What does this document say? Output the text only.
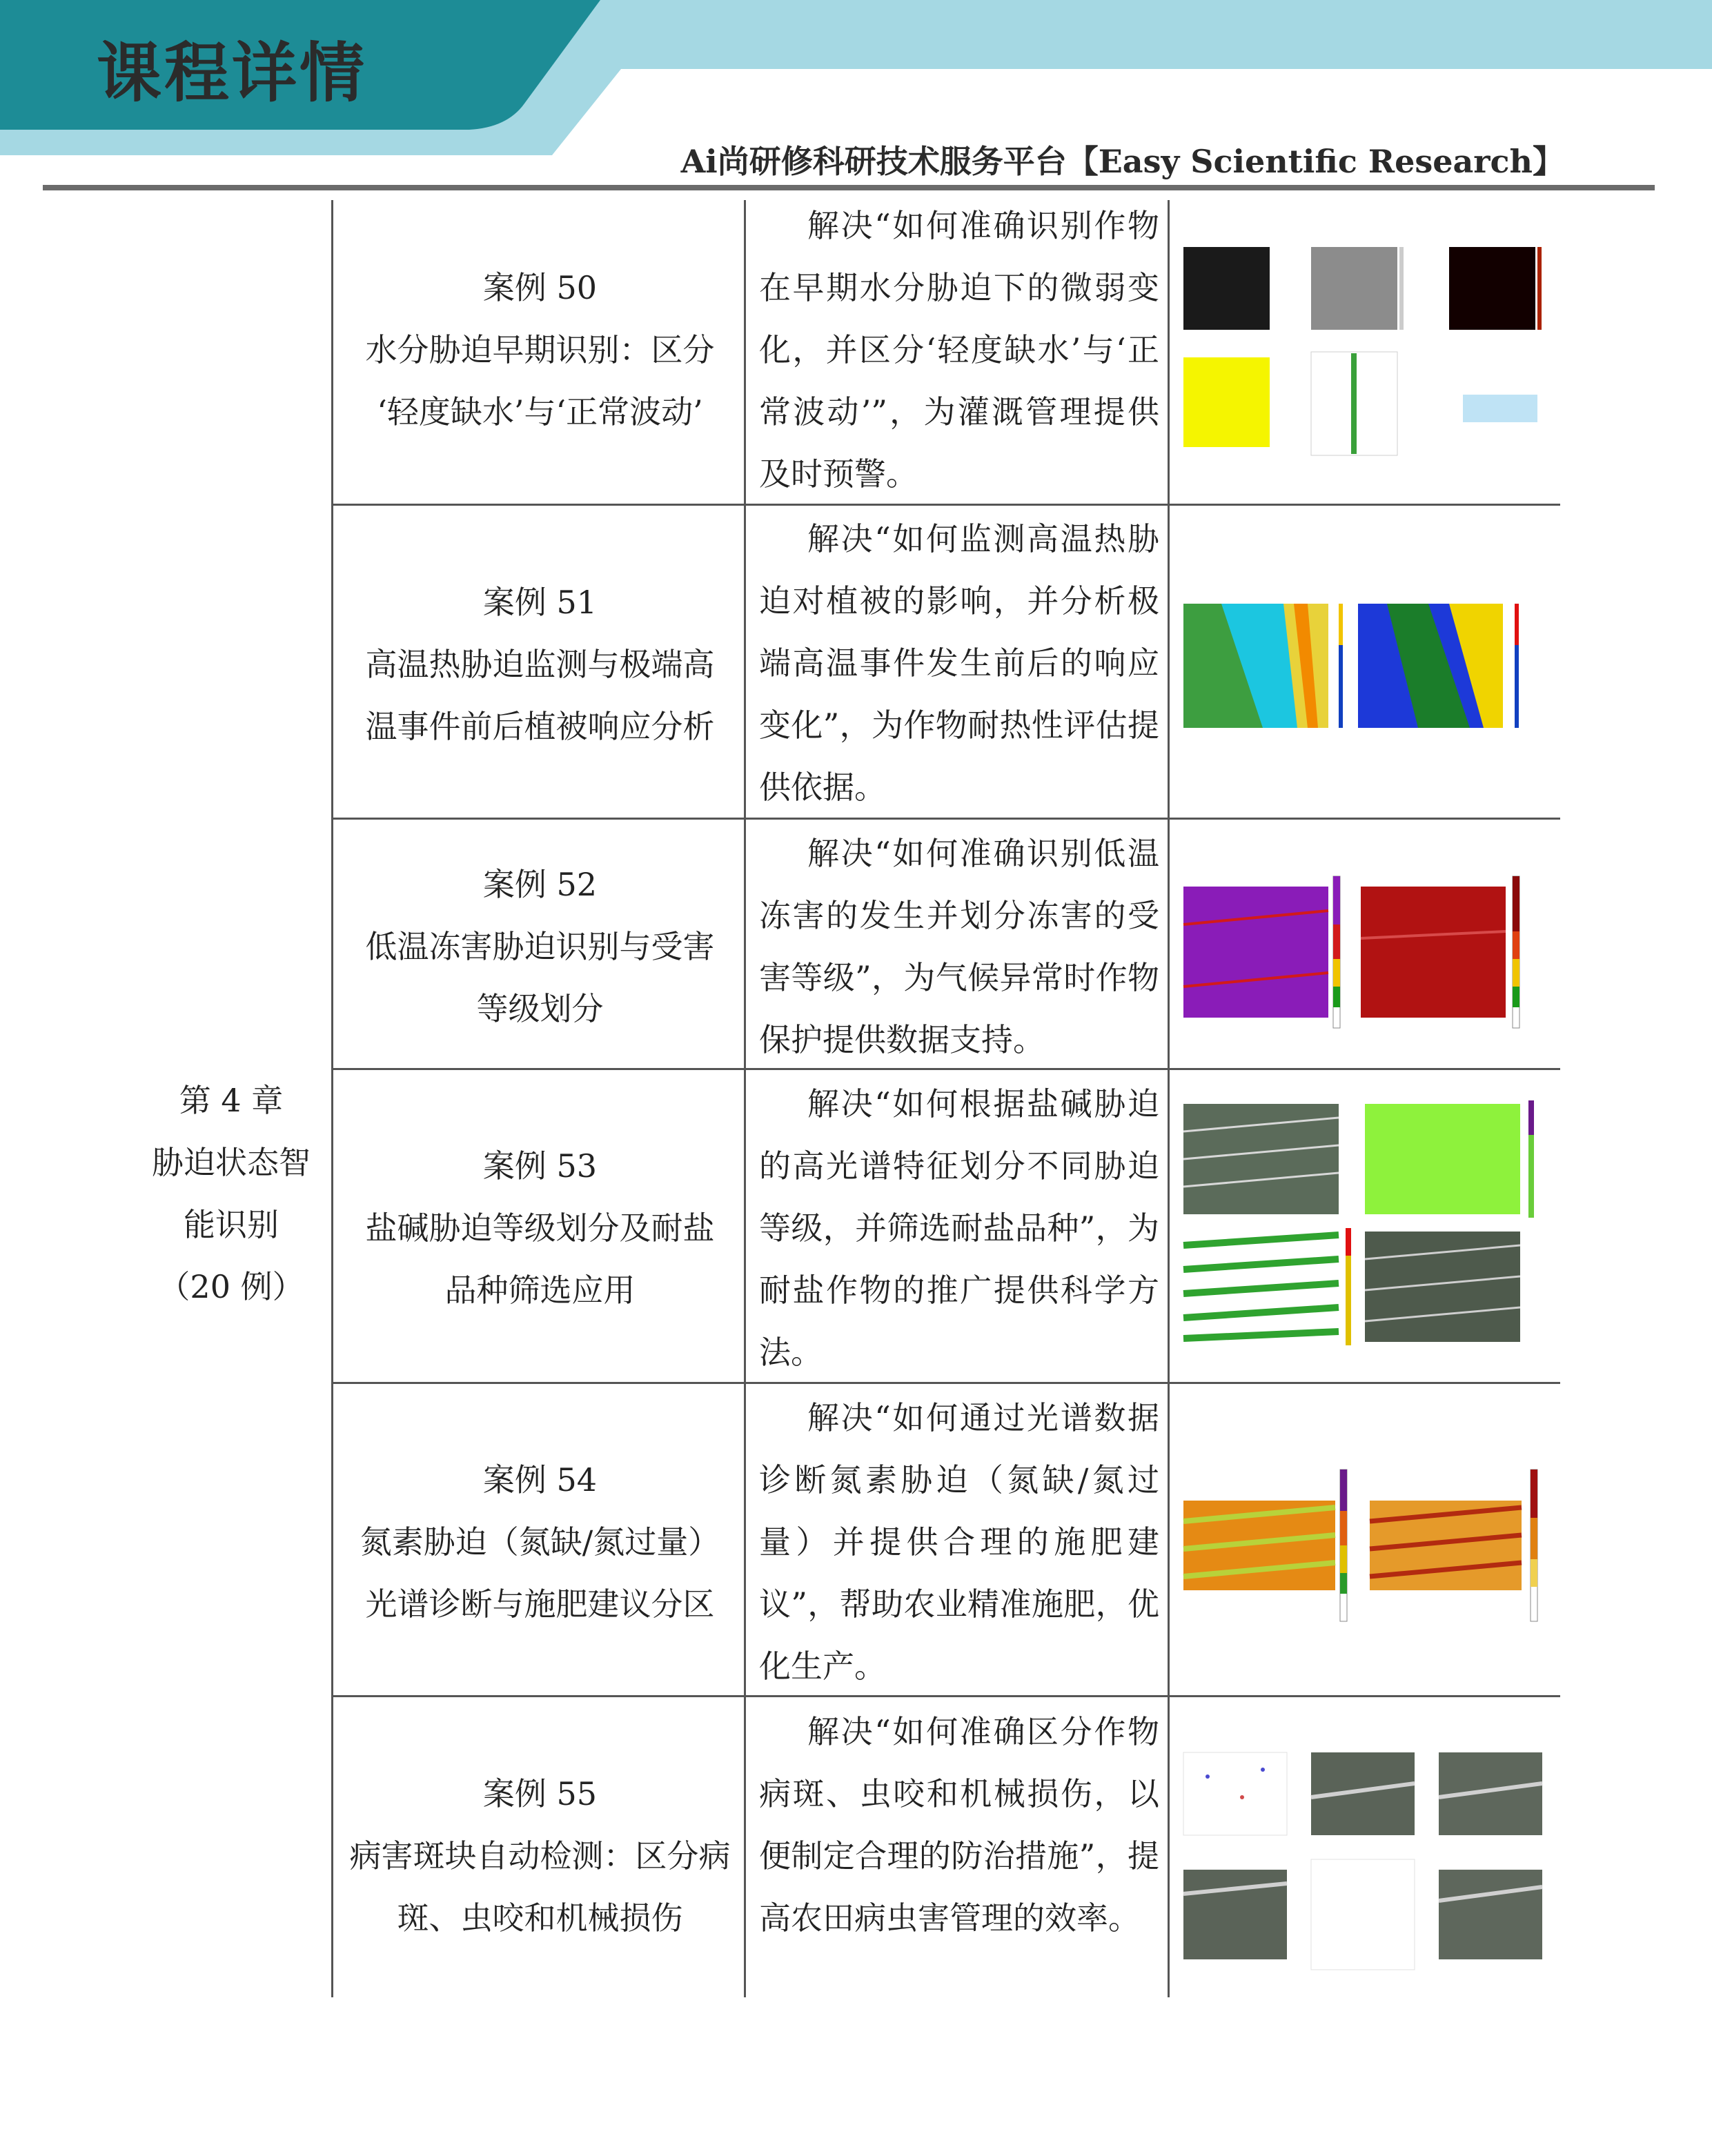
课程详情
Ai尚研修科研技术服务平台【Easy Scientific Research】
第 4 章
胁迫状态智
能识别
（20 例）
案例 50
水分胁迫早期识别：区分
‘轻度缺水’与‘正常波动’
解决“如何准确识别作物在早期水分胁迫下的微弱变化，并区分‘轻度缺水’与‘正常波动’”，为灌溉管理提供及时预警。
案例 51
高温热胁迫监测与极端高
温事件前后植被响应分析
解决“如何监测高温热胁迫对植被的影响，并分析极端高温事件发生前后的响应变化”，为作物耐热性评估提供依据。
案例 52
低温冻害胁迫识别与受害
等级划分
解决“如何准确识别低温冻害的发生并划分冻害的受害等级”，为气候异常时作物保护提供数据支持。
案例 53
盐碱胁迫等级划分及耐盐
品种筛选应用
解决“如何根据盐碱胁迫的高光谱特征划分不同胁迫等级，并筛选耐盐品种”，为耐盐作物的推广提供科学方法。
案例 54
氮素胁迫（氮缺/氮过量）
光谱诊断与施肥建议分区
解决“如何通过光谱数据诊断氮素胁迫（氮缺/氮过量）并提供合理的施肥建议”，帮助农业精准施肥，优化生产。
案例 55
病害斑块自动检测：区分病
斑、虫咬和机械损伤
解决“如何准确区分作物病斑、虫咬和机械损伤，以便制定合理的防治措施”，提高农田病虫害管理的效率。
